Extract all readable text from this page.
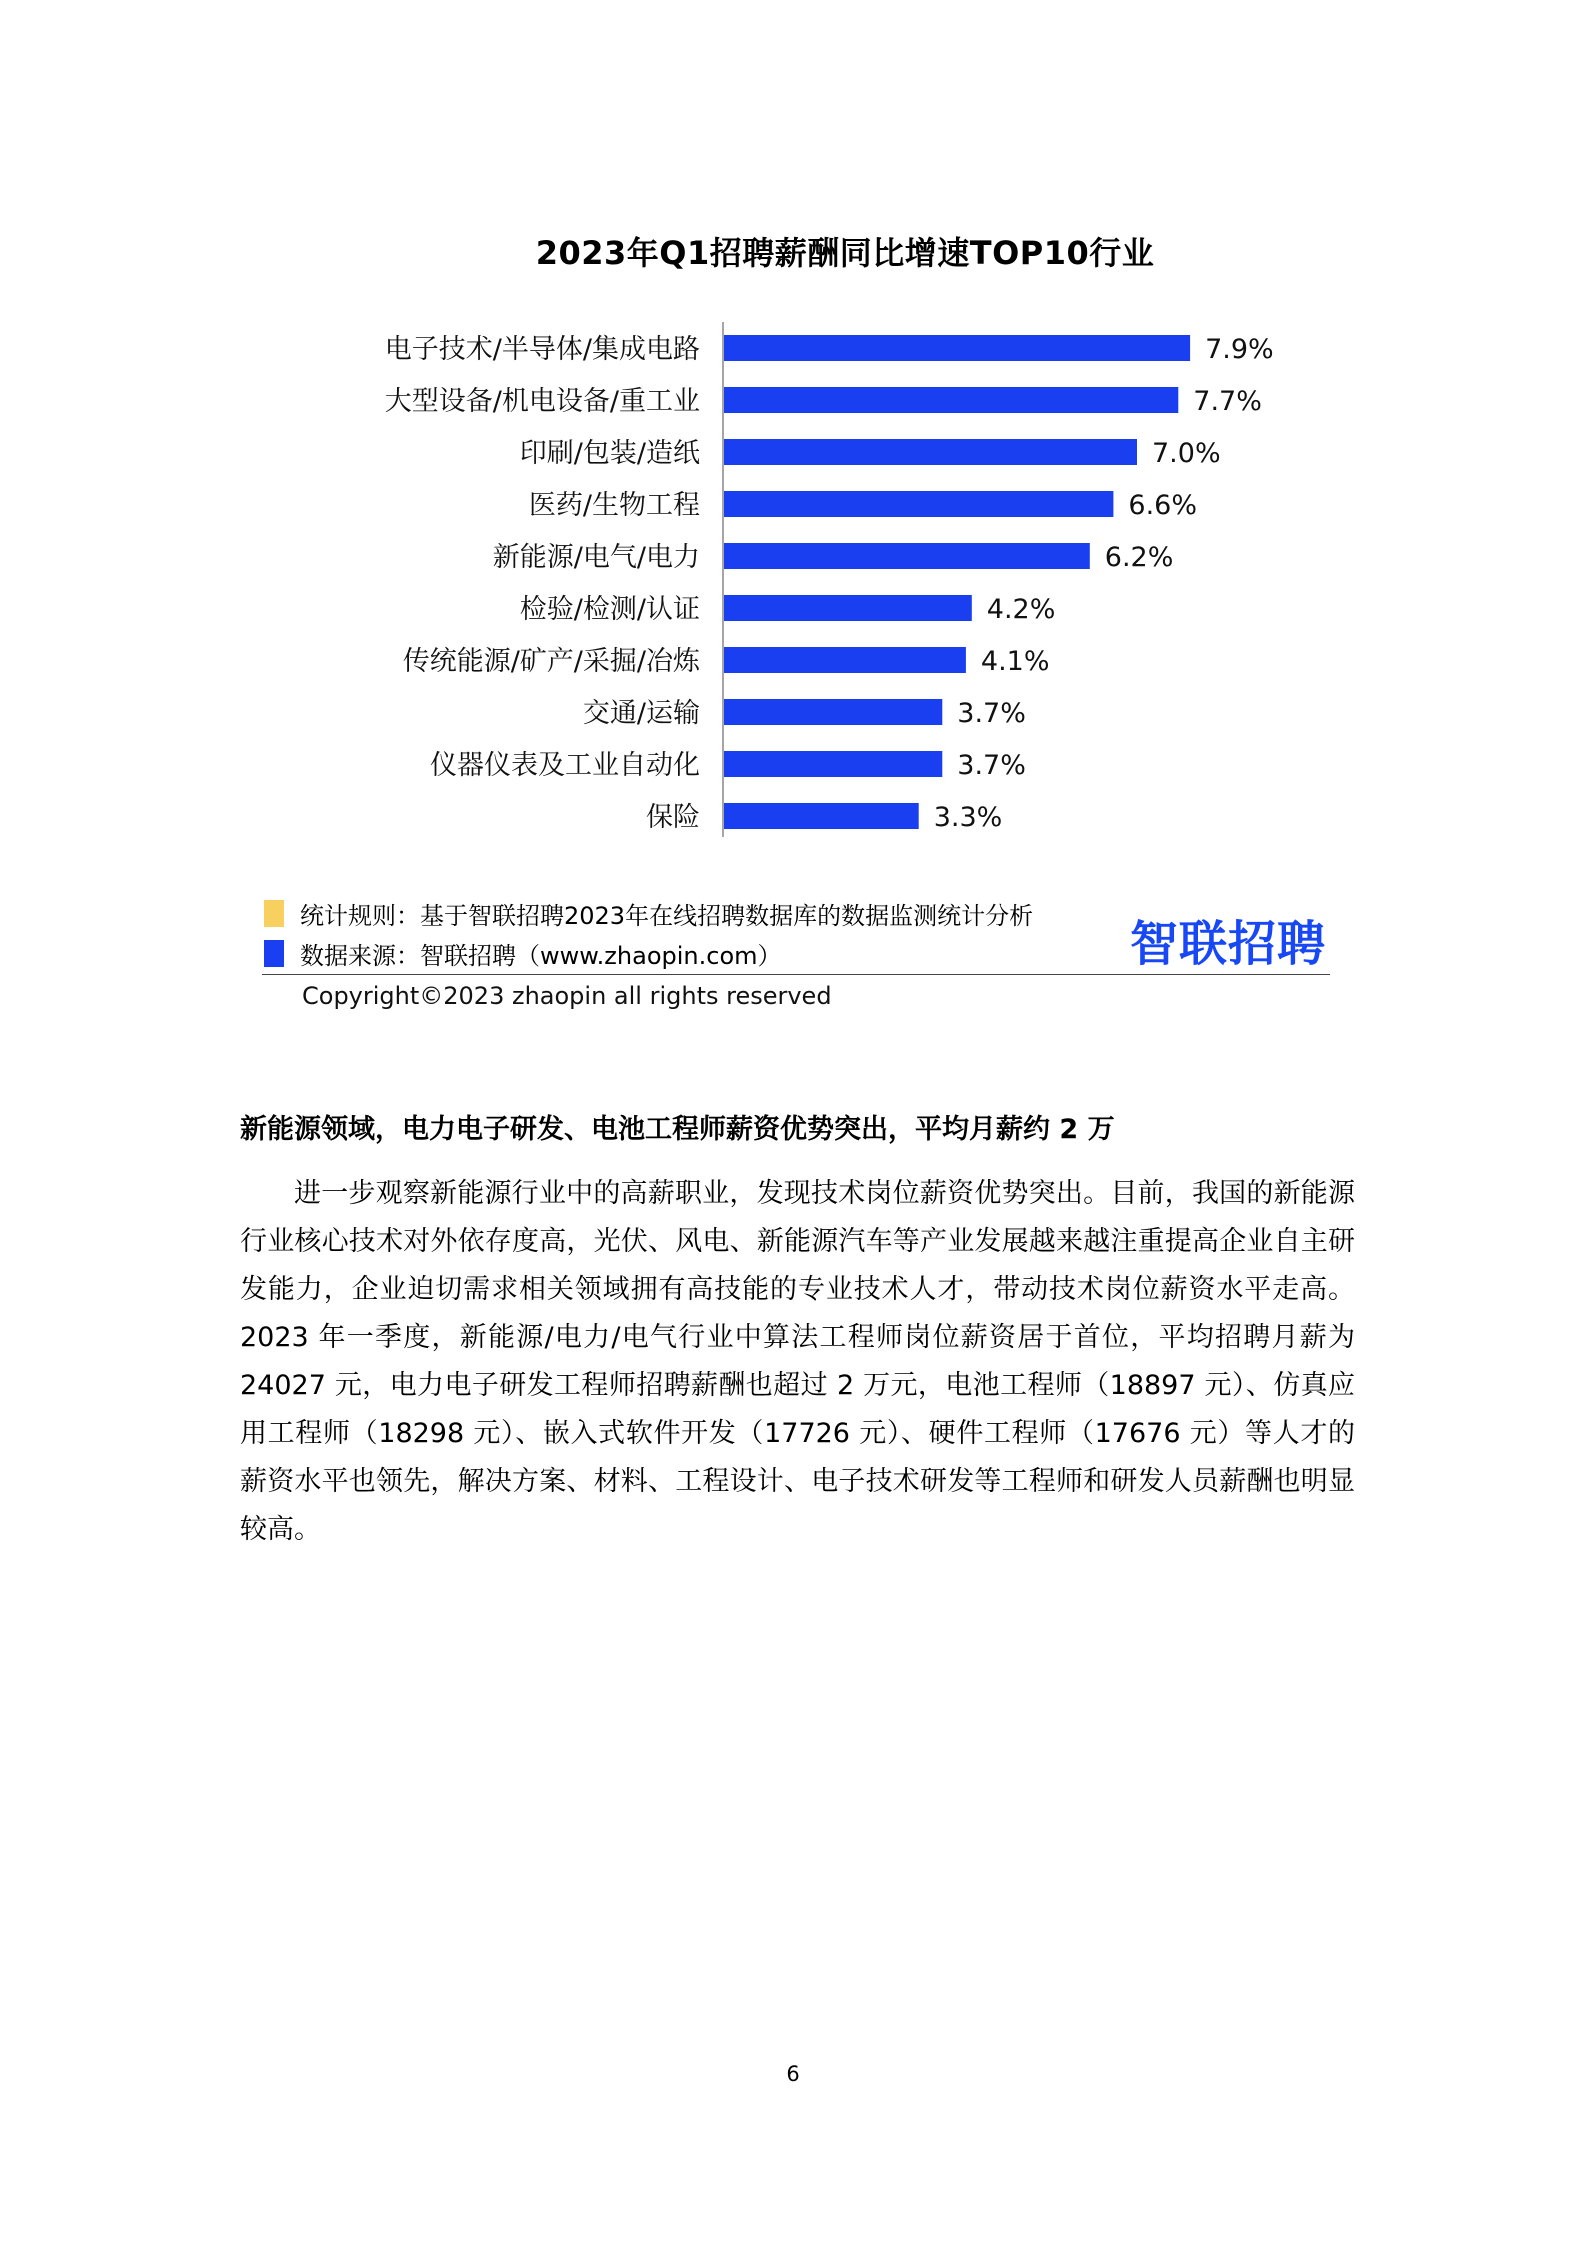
2023年Q1招聘薪酬同比增速TOP10行业
电子技术/半导体/集成电路	7.9%
大型设备/机电设备/重工业	7.7%
印刷/包装/造纸	7.0%
医药/生物工程	6.6%
新能源/电气/电力	6.2%
检验/检测/认证	4.2%
传统能源/矿产/采掘/冶炼	4.1%
交通/运输	3.7%
仪器仪表及工业自动化	3.7%
保险	3.3%
统计规则：基于智联招聘2023年在线招聘数据库的数据监测统计分析
数据来源：智联招聘（www.zhaopin.com）	智联招聘
Copyright©2023 zhaopin all rights reserved
新能源领域，电力电子研发、电池工程师薪资优势突出，平均月薪约 2 万

进一步观察新能源行业中的高薪职业，发现技术岗位薪资优势突出。目前，我国的新能源行业核心技术对外依存度高，光伏、风电、新能源汽车等产业发展越来越注重提高企业自主研发能力，企业迫切需求相关领域拥有高技能的专业技术人才，带动技术岗位薪资水平走高。2023 年一季度，新能源/电力/电气行业中算法工程师岗位薪资居于首位，平均招聘月薪为 24027 元，电力电子研发工程师招聘薪酬也超过 2 万元，电池工程师（18897 元）、仿真应用工程师（18298 元）、嵌入式软件开发（17726 元）、硬件工程师（17676 元）等人才的薪资水平也领先，解决方案、材料、工程设计、电子技术研发等工程师和研发人员薪酬也明显较高。

6
